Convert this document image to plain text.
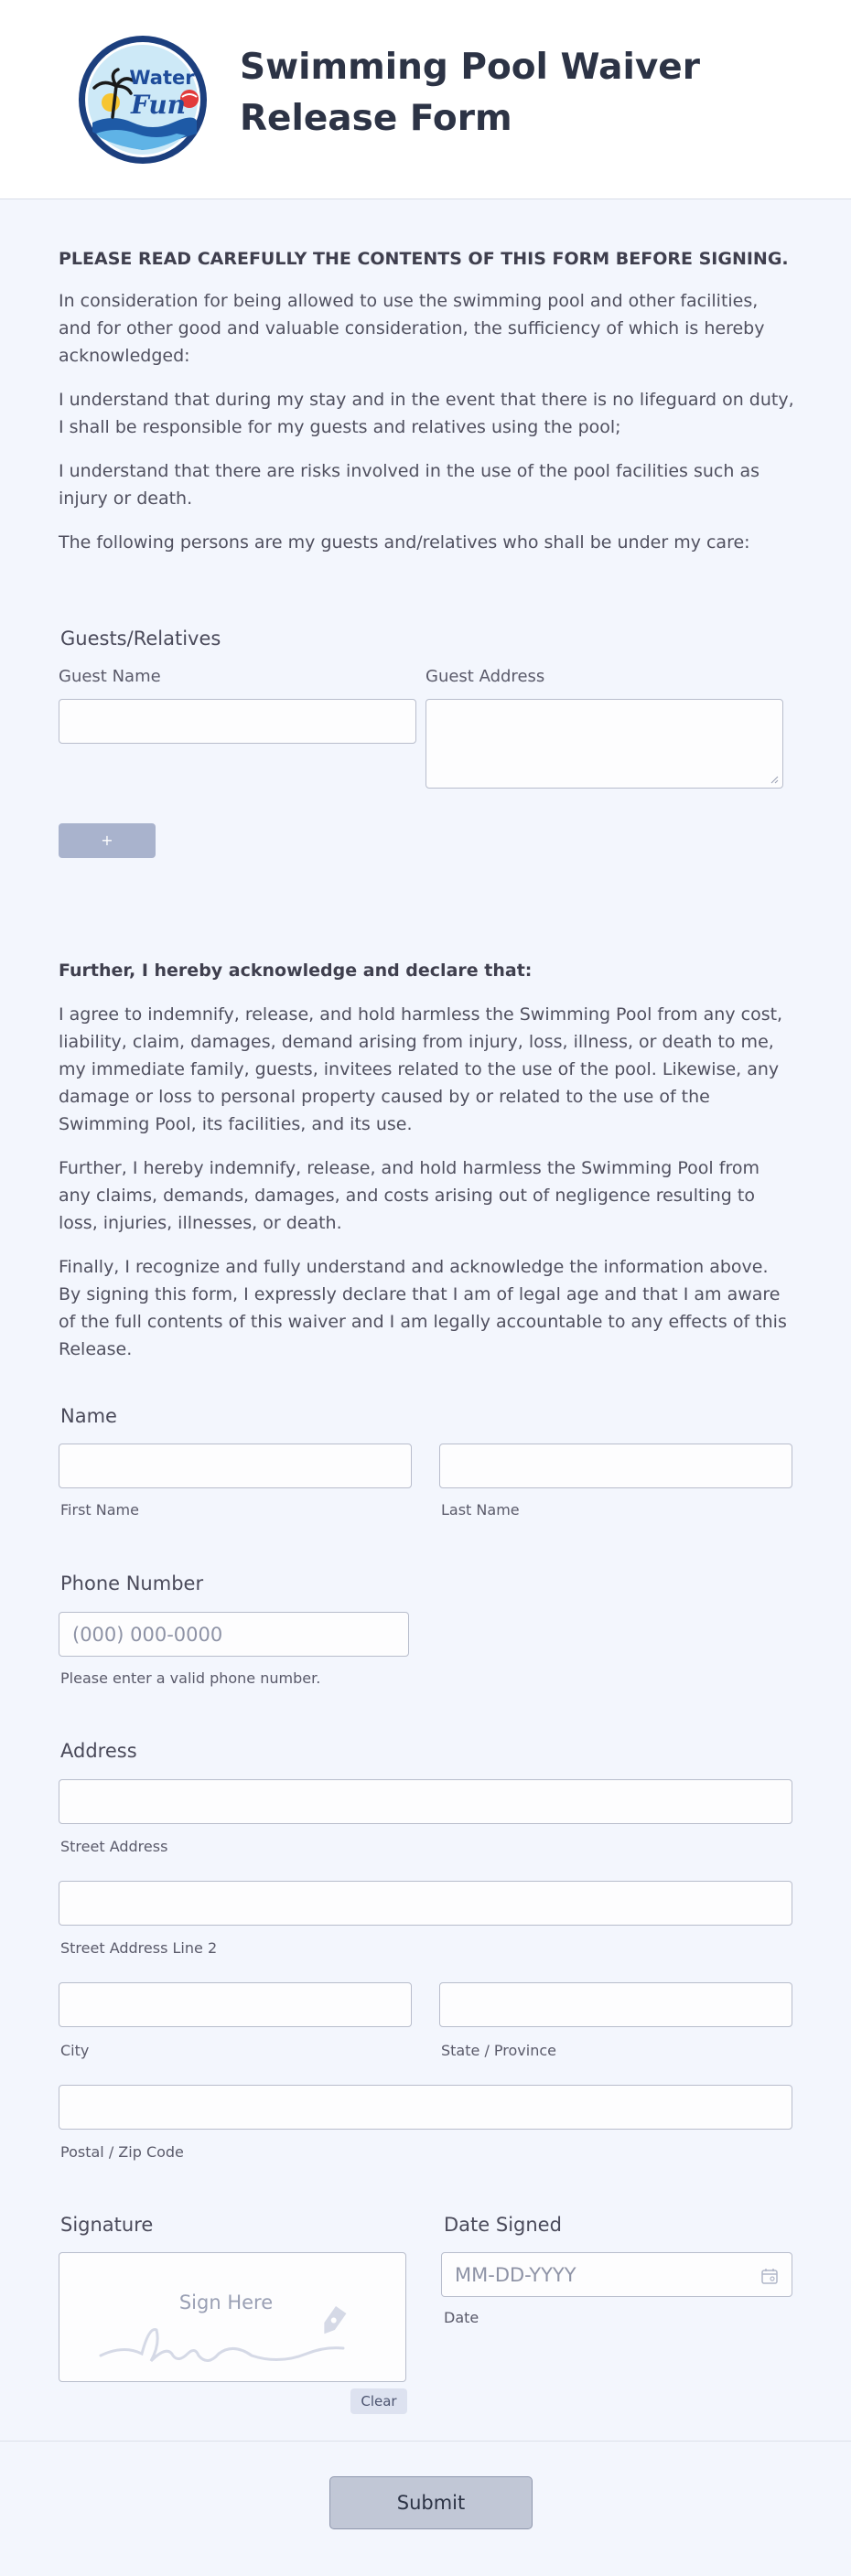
Water
Fun
Swimming Pool Waiver Release Form
PLEASE READ CAREFULLY THE CONTENTS OF THIS FORM BEFORE SIGNING.
In consideration for being allowed to use the swimming pool and other facilities, and for other good and valuable consideration, the sufficiency of which is hereby acknowledged:
I understand that during my stay and in the event that there is no lifeguard on duty, I shall be responsible for my guests and relatives using the pool;
I understand that there are risks involved in the use of the pool facilities such as injury or death.
The following persons are my guests and/relatives who shall be under my care:
Guests/Relatives
Guest Name	Guest Address
+
Further, I hereby acknowledge and declare that:
I agree to indemnify, release, and hold harmless the Swimming Pool from any cost, liability, claim, damages, demand arising from injury, loss, illness, or death to me, my immediate family, guests, invitees related to the use of the pool. Likewise, any damage or loss to personal property caused by or related to the use of the Swimming Pool, its facilities, and its use.
Further, I hereby indemnify, release, and hold harmless the Swimming Pool from any claims, demands, damages, and costs arising out of negligence resulting to loss, injuries, illnesses, or death.
Finally, I recognize and fully understand and acknowledge the information above. By signing this form, I expressly declare that I am of legal age and that I am aware of the full contents of this waiver and I am legally accountable to any effects of this Release.
Name
First Name	Last Name
Phone Number
(000) 000-0000
Please enter a valid phone number.
Address
Street Address
Street Address Line 2
City	State / Province
Postal / Zip Code
Signature
Sign Here
Clear
Date Signed
MM-DD-YYYY
Date
Submit
